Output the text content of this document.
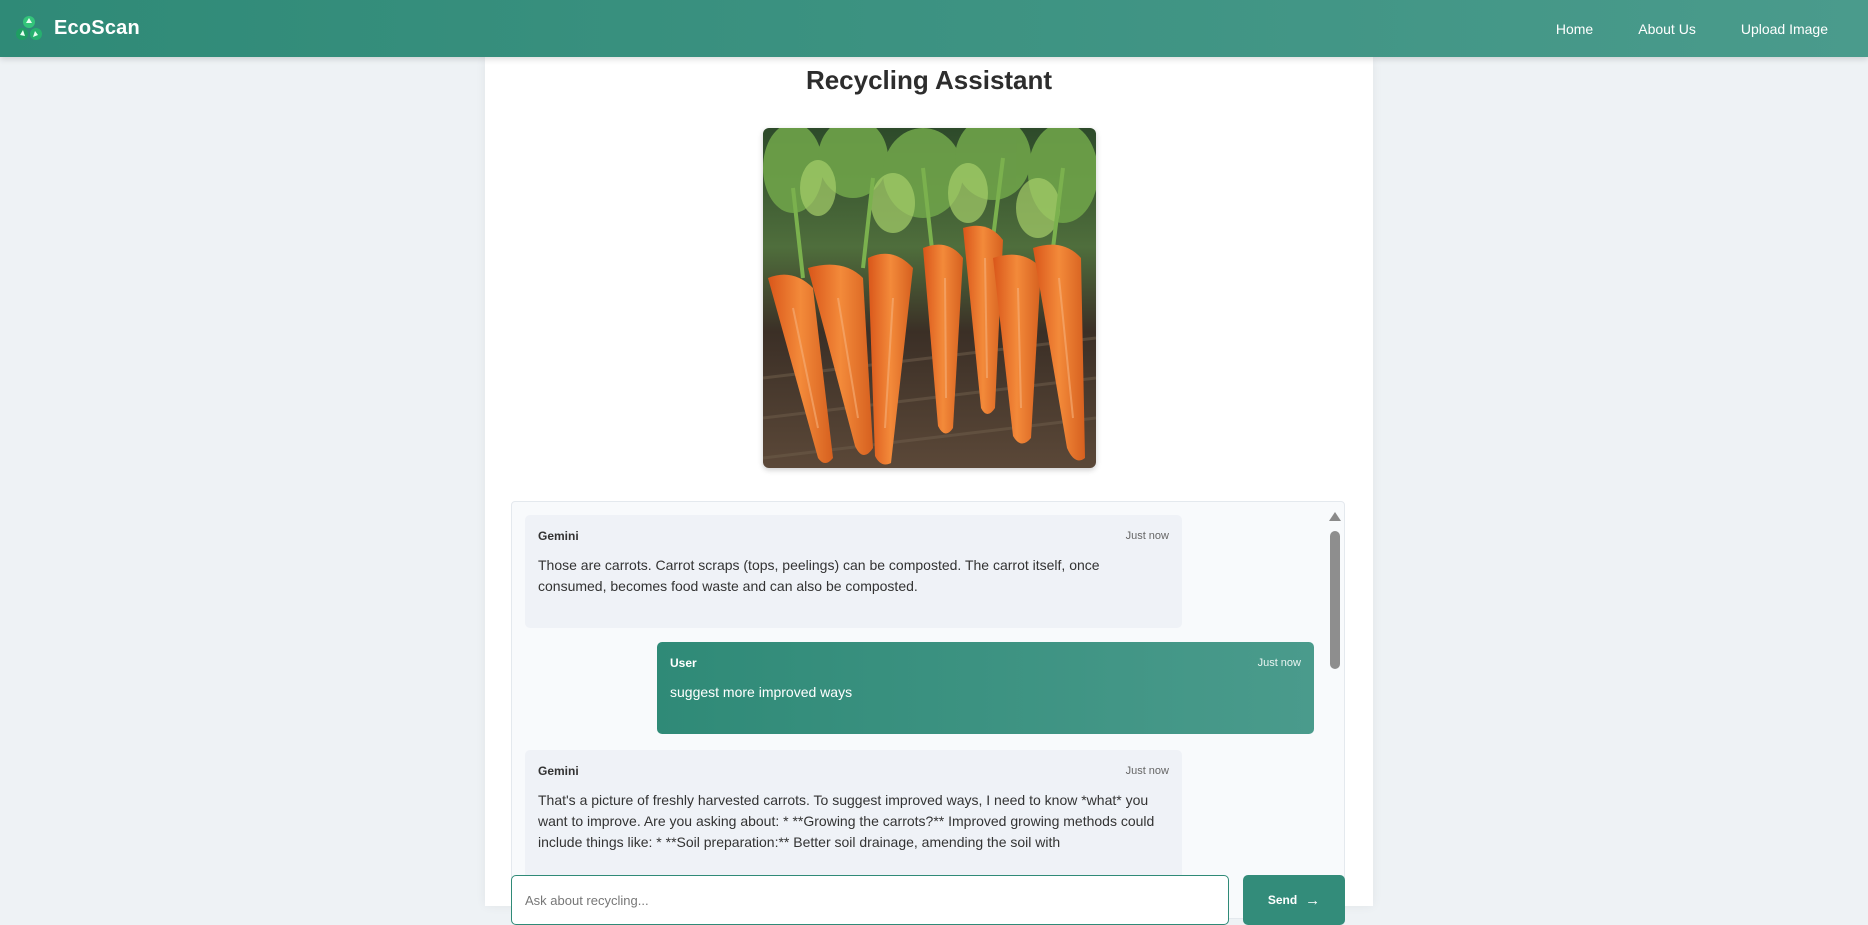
EcoScan	Home	About Us	Upload Image
Recycling Assistant
Gemini	Just now
Those are carrots. Carrot scraps (tops, peelings) can be composted. The carrot itself, once consumed, becomes food waste and can also be composted.
User	Just now
suggest more improved ways
Gemini	Just now
That's a picture of freshly harvested carrots. To suggest improved ways, I need to know *what* you want to improve. Are you asking about: * **Growing the carrots?** Improved growing methods could include things like: * **Soil preparation:** Better soil drainage, amending the soil with
Ask about recycling...
Send →
